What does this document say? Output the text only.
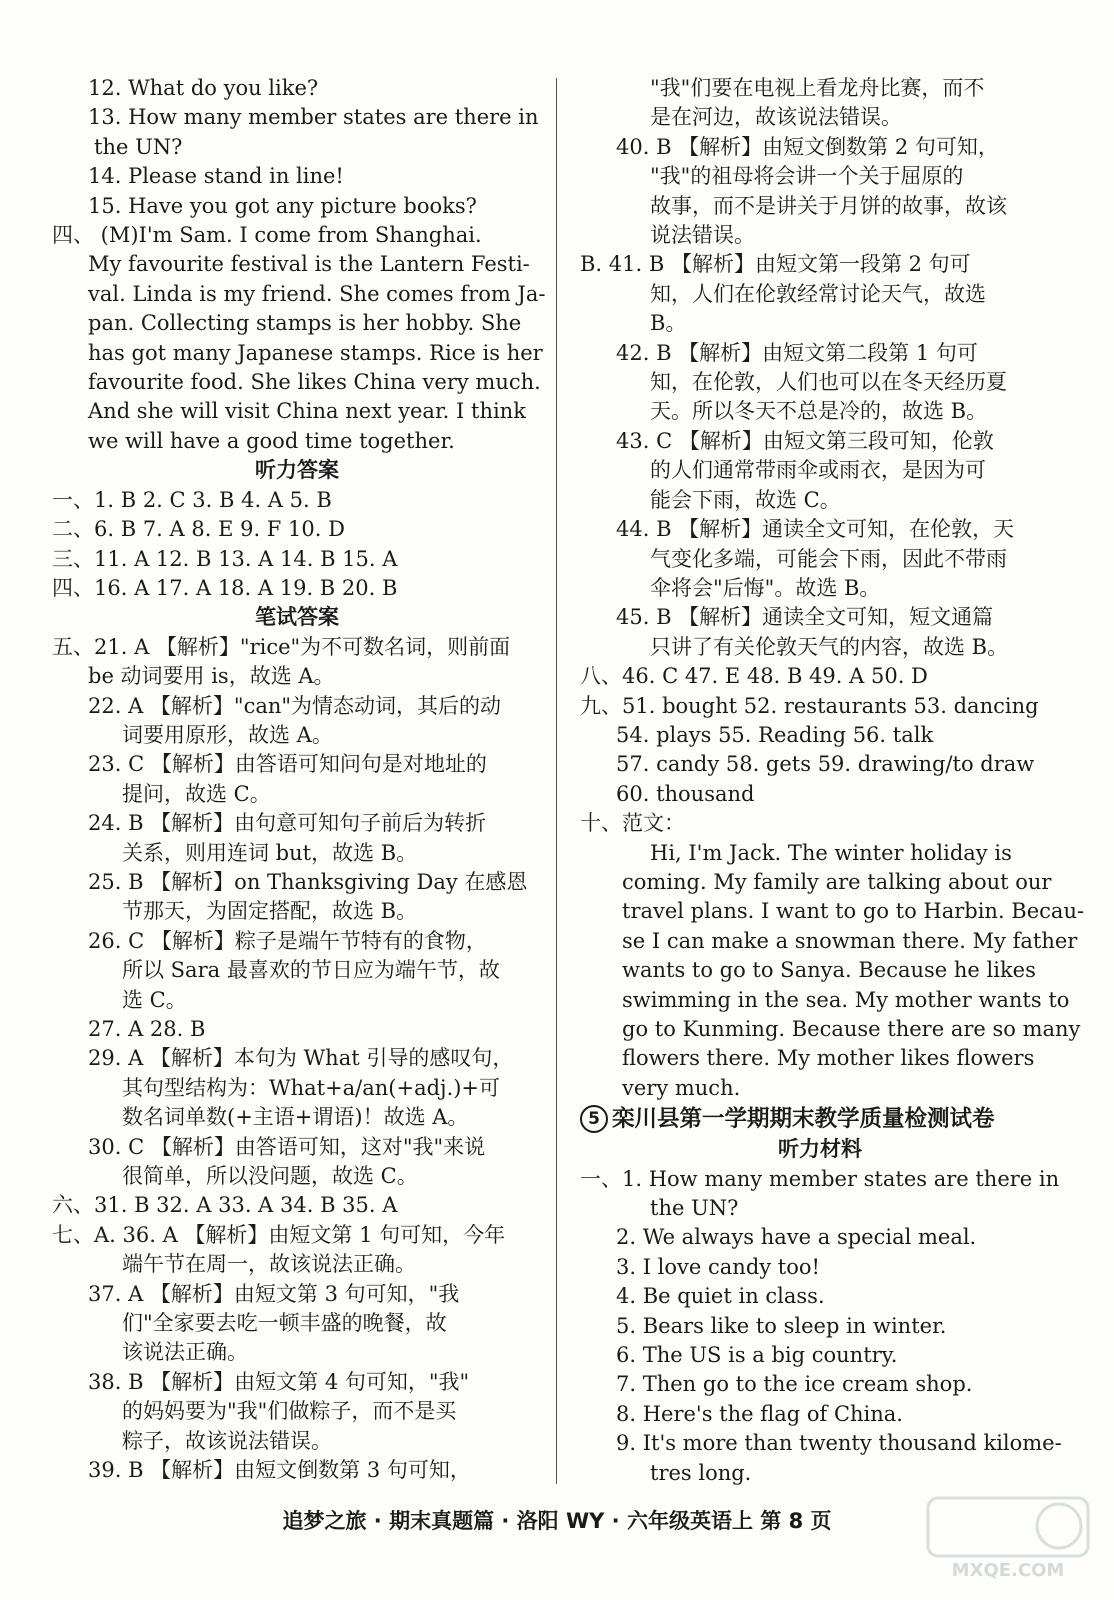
12. What do you like?
13. How many member states are there in
the UN?
14. Please stand in line!
15. Have you got any picture books?
四、 (M)I'm Sam. I come from Shanghai.
My favourite festival is the Lantern Festi-
val. Linda is my friend. She comes from Ja-
pan. Collecting stamps is her hobby. She
has got many Japanese stamps. Rice is her
favourite food. She likes China very much.
And she will visit China next year. I think
we will have a good time together.
听力答案
一、1. B 2. C 3. B 4. A 5. B
二、6. B 7. A 8. E 9. F 10. D
三、11. A 12. B 13. A 14. B 15. A
四、16. A 17. A 18. A 19. B 20. B
笔试答案
五、21. A 【解析】"rice"为不可数名词，则前面
be 动词要用 is，故选 A。
22. A 【解析】"can"为情态动词，其后的动
词要用原形，故选 A。
23. C 【解析】由答语可知问句是对地址的
提问，故选 C。
24. B 【解析】由句意可知句子前后为转折
关系，则用连词 but，故选 B。
25. B 【解析】on Thanksgiving Day 在感恩
节那天，为固定搭配，故选 B。
26. C 【解析】粽子是端午节特有的食物，
所以 Sara 最喜欢的节日应为端午节，故
选 C。
27. A 28. B
29. A 【解析】本句为 What 引导的感叹句，
其句型结构为：What+a/an(+adj.)+可
数名词单数(+主语+谓语)！故选 A。
30. C 【解析】由答语可知，这对"我"来说
很简单，所以没问题，故选 C。
六、31. B 32. A 33. A 34. B 35. A
七、A. 36. A 【解析】由短文第 1 句可知，今年
端午节在周一，故该说法正确。
37. A 【解析】由短文第 3 句可知，"我
们"全家要去吃一顿丰盛的晚餐，故
该说法正确。
38. B 【解析】由短文第 4 句可知，"我"
的妈妈要为"我"们做粽子，而不是买
粽子，故该说法错误。
39. B 【解析】由短文倒数第 3 句可知，
"我"们要在电视上看龙舟比赛，而不
是在河边，故该说法错误。
40. B 【解析】由短文倒数第 2 句可知，
"我"的祖母将会讲一个关于屈原的
故事，而不是讲关于月饼的故事，故该
说法错误。
B. 41. B 【解析】由短文第一段第 2 句可
知，人们在伦敦经常讨论天气，故选
B。
42. B 【解析】由短文第二段第 1 句可
知，在伦敦，人们也可以在冬天经历夏
天。所以冬天不总是冷的，故选 B。
43. C 【解析】由短文第三段可知，伦敦
的人们通常带雨伞或雨衣，是因为可
能会下雨，故选 C。
44. B 【解析】通读全文可知，在伦敦，天
气变化多端，可能会下雨，因此不带雨
伞将会"后悔"。故选 B。
45. B 【解析】通读全文可知，短文通篇
只讲了有关伦敦天气的内容，故选 B。
八、46. C 47. E 48. B 49. A 50. D
九、51. bought 52. restaurants 53. dancing
54. plays 55. Reading 56. talk
57. candy 58. gets 59. drawing/to draw
60. thousand
十、范文：
Hi, I'm Jack. The winter holiday is
coming. My family are talking about our
travel plans. I want to go to Harbin. Becau-
se I can make a snowman there. My father
wants to go to Sanya. Because he likes
swimming in the sea. My mother wants to
go to Kunming. Because there are so many
flowers there. My mother likes flowers
very much.
5 栾川县第一学期期末教学质量检测试卷
听力材料
一、1. How many member states are there in
the UN?
2. We always have a special meal.
3. I love candy too!
4. Be quiet in class.
5. Bears like to sleep in winter.
6. The US is a big country.
7. Then go to the ice cream shop.
8. Here's the flag of China.
9. It's more than twenty thousand kilome-
tres long.
追梦之旅 · 期末真题篇 · 洛阳 WY · 六年级英语上 第 8 页
MXQE.COM
